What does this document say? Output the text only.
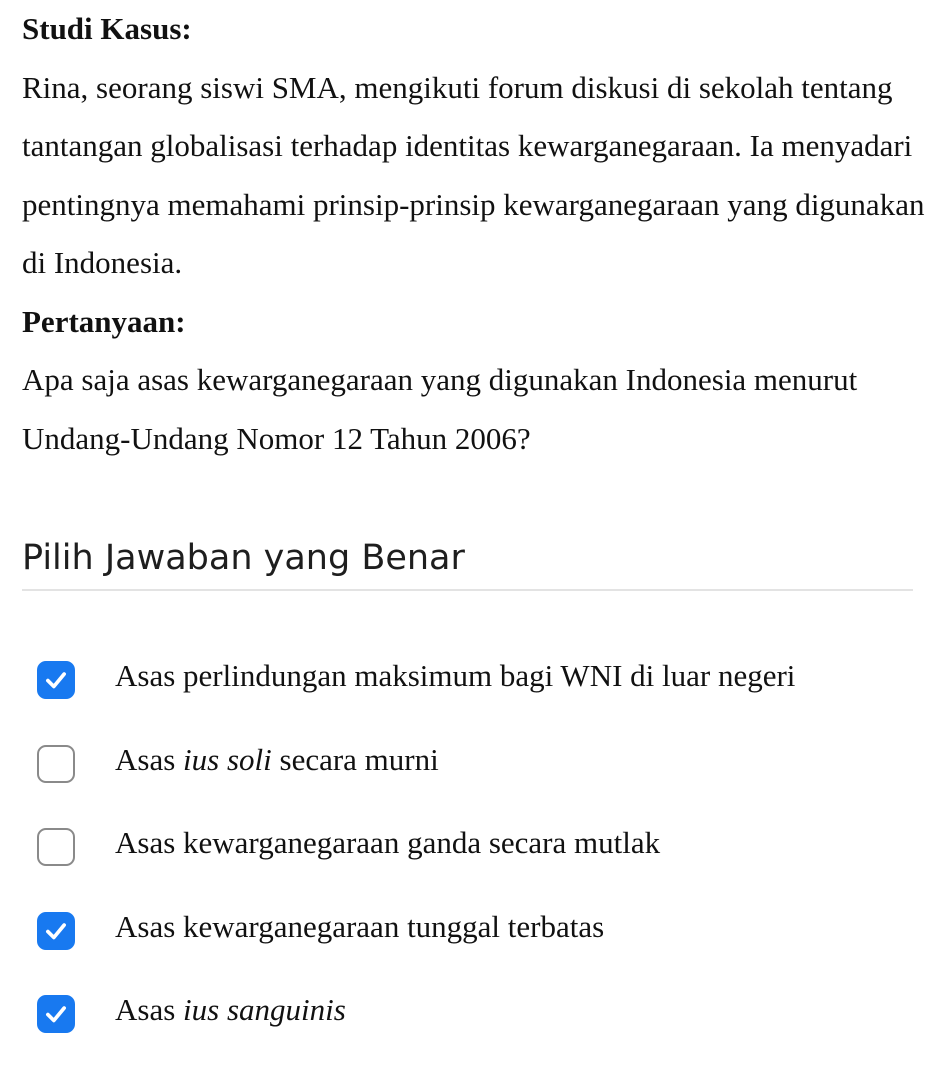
Studi Kasus:

Rina, seorang siswi SMA, mengikuti forum diskusi di sekolah tentang tantangan globalisasi terhadap identitas kewarganegaraan. Ia menyadari pentingnya memahami prinsip-prinsip kewarganegaraan yang digunakan di Indonesia.

Pertanyaan:

Apa saja asas kewarganegaraan yang digunakan Indonesia menurut Undang-Undang Nomor 12 Tahun 2006?

Pilih Jawaban yang Benar
Asas perlindungan maksimum bagi WNI di luar negeri
Asas ius soli secara murni
Asas kewarganegaraan ganda secara mutlak
Asas kewarganegaraan tunggal terbatas
Asas ius sanguinis
